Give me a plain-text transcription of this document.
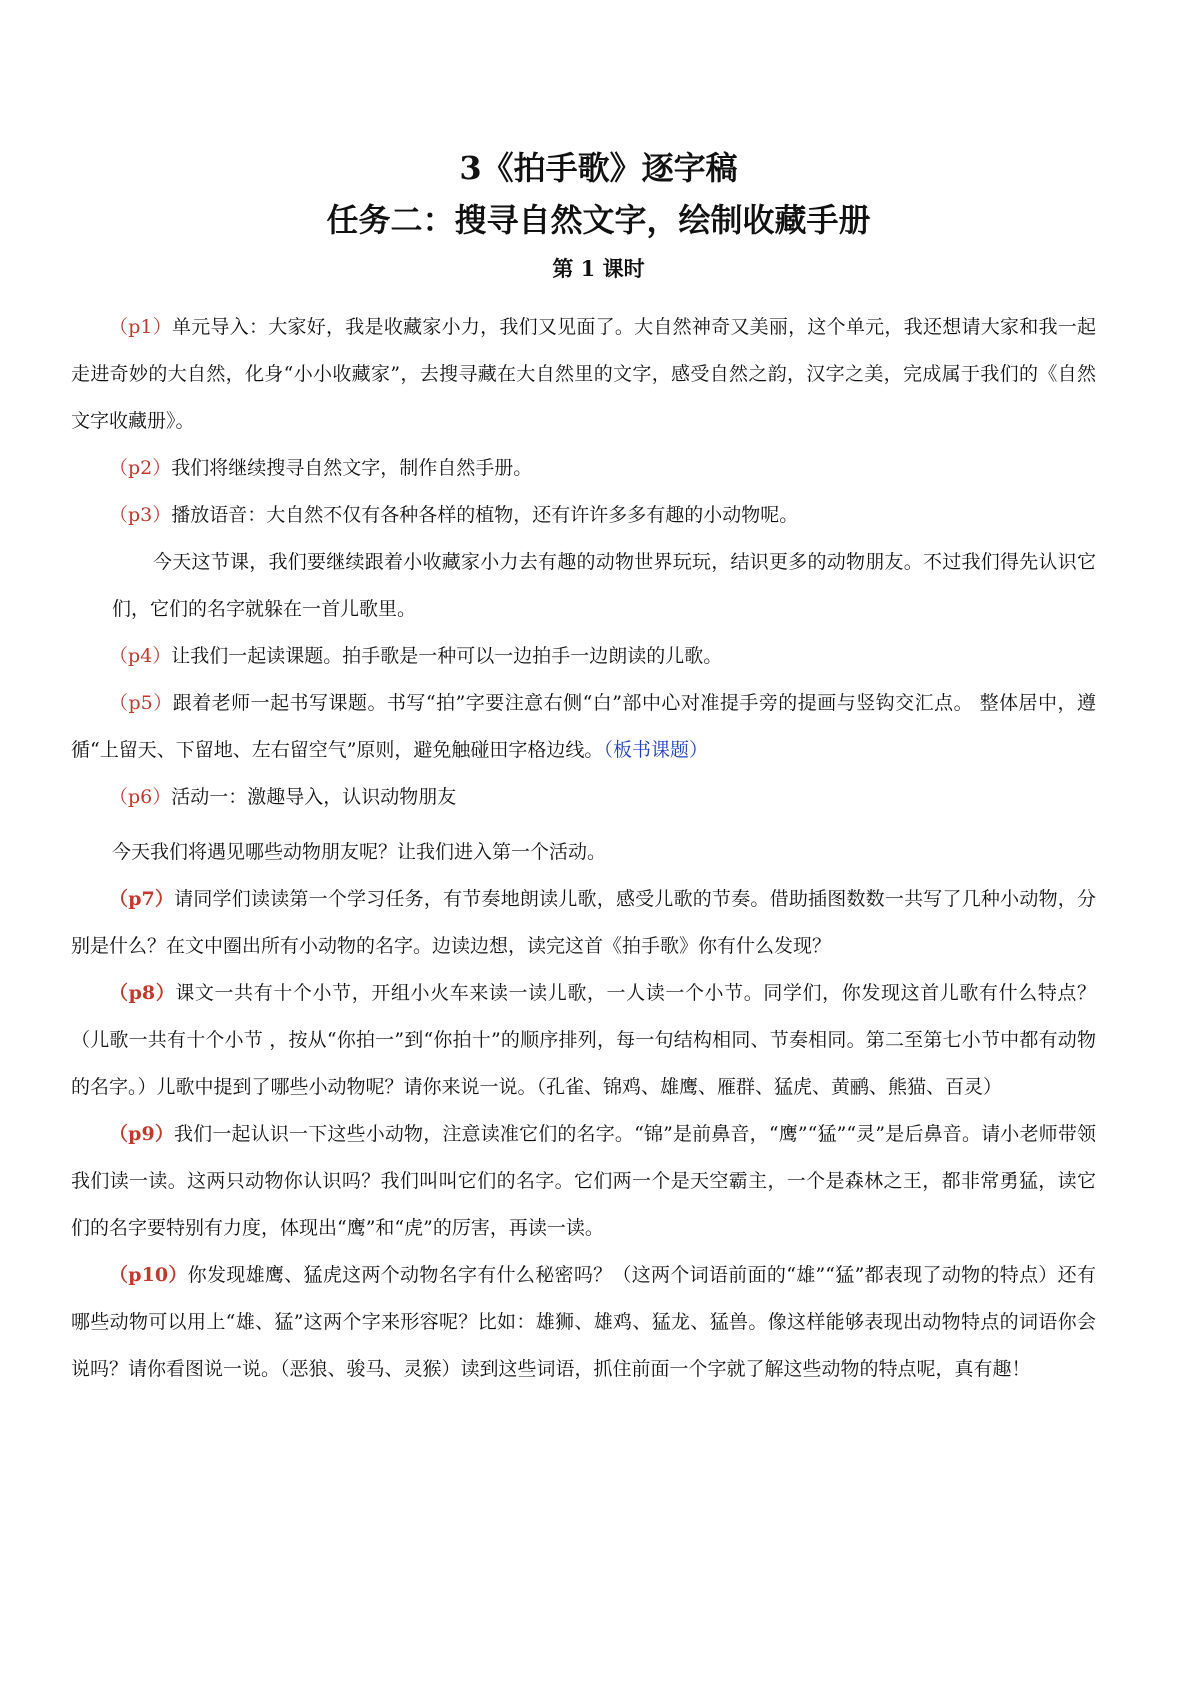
3《拍手歌》逐字稿
任务二：搜寻自然文字，绘制收藏手册
第 1 课时

（p1）单元导入：大家好，我是收藏家小力，我们又见面了。大自然神奇又美丽，这个单元，我还想请大家和我一起走进奇妙的大自然，化身“小小收藏家”，去搜寻藏在大自然里的文字，感受自然之韵，汉字之美，完成属于我们的《自然文字收藏册》。

（p2）我们将继续搜寻自然文字，制作自然手册。

（p3）播放语音：大自然不仅有各种各样的植物，还有许许多多有趣的小动物呢。

今天这节课，我们要继续跟着小收藏家小力去有趣的动物世界玩玩，结识更多的动物朋友。不过我们得先认识它们，它们的名字就躲在一首儿歌里。

（p4）让我们一起读课题。拍手歌是一种可以一边拍手一边朗读的儿歌。

（p5）跟着老师一起书写课题。书写“拍”字要注意右侧“白”部中心对准提手旁的提画与竖钩交汇点。 整体居中，遵循“上留天、下留地、左右留空气”原则，避免触碰田字格边线。（板书课题）

（p6）活动一：激趣导入，认识动物朋友

今天我们将遇见哪些动物朋友呢？让我们进入第一个活动。

（p7）请同学们读读第一个学习任务，有节奏地朗读儿歌，感受儿歌的节奏。借助插图数数一共写了几种小动物，分别是什么？在文中圈出所有小动物的名字。边读边想，读完这首《拍手歌》你有什么发现？

（p8）课文一共有十个小节，开组小火车来读一读儿歌，一人读一个小节。同学们，你发现这首儿歌有什么特点？（儿歌一共有十个小节 ，按从“你拍一”到“你拍十”的顺序排列，每一句结构相同、节奏相同。第二至第七小节中都有动物的名字。）儿歌中提到了哪些小动物呢？请你来说一说。（孔雀、锦鸡、雄鹰、雁群、猛虎、黄鹂、熊猫、百灵）

（p9）我们一起认识一下这些小动物，注意读准它们的名字。“锦”是前鼻音，“鹰”“猛”“灵”是后鼻音。请小老师带领我们读一读。这两只动物你认识吗？我们叫叫它们的名字。它们两一个是天空霸主，一个是森林之王，都非常勇猛，读它们的名字要特别有力度，体现出“鹰”和“虎”的厉害，再读一读。

（p10）你发现雄鹰、猛虎这两个动物名字有什么秘密吗？（这两个词语前面的“雄”“猛”都表现了动物的特点）还有哪些动物可以用上“雄、猛”这两个字来形容呢？比如：雄狮、雄鸡、猛龙、猛兽。像这样能够表现出动物特点的词语你会说吗？请你看图说一说。（恶狼、骏马、灵猴）读到这些词语，抓住前面一个字就了解这些动物的特点呢，真有趣！
